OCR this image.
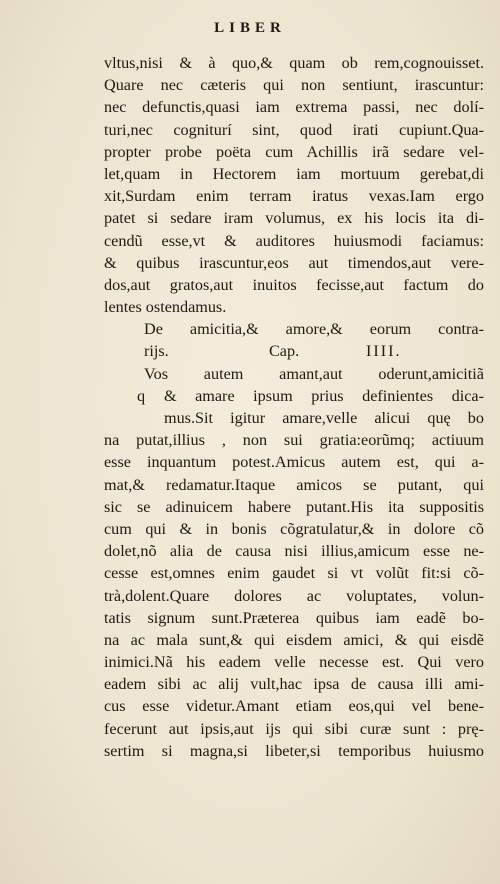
LIBER
vltus,nisi & à quo,& quam ob rem,cognouisset.
Quare nec cæteris qui non sentiunt, irascuntur:
nec defunctis,quasi iam extrema passi, nec dolí-
turi,nec cogniturí sint, quod irati cupiunt.Qua-
propter probe poëta cum Achillis irã sedare vel-
let,quam in Hectorem iam mortuum gerebat,di
xit,Surdam enim terram iratus vexas.Iam ergo
patet si sedare iram volumus, ex his locis ita di-
cendũ esse,vt & auditores huiusmodi faciamus:
& quibus irascuntur,eos aut timendos,aut vere-
dos,aut gratos,aut inuitos fecisse,aut factum do
lentes ostendamus.
De amicitia,& amore,& eorum contra-
rijs.	Cap.	IIII.
Vos autem amant,aut oderunt,amicitiã
q	& amare ipsum prius definientes dica-
mus.Sit igitur amare,velle alicui quę bo
na putat,illius , non sui gratia:eorũmq; actiuum
esse inquantum potest.Amicus autem est, qui a-
mat,& redamatur.Itaque amicos se putant, qui
sic se adinuicem habere putant.His ita suppositis
cum qui & in bonis cõgratulatur,& in dolore cõ
dolet,nõ alia de causa nisi illius,amicum esse ne-
cesse est,omnes enim gaudet si vt volũt fit:si cõ-
trà,dolent.Quare dolores ac voluptates, volun-
tatis signum sunt.Præterea quibus iam eadẽ bo-
na ac mala sunt,& qui eisdem amici, & qui eisdẽ
inimici.Nã his eadem velle necesse est. Qui vero
eadem sibi ac alij vult,hac ipsa de causa illi ami-
cus esse videtur.Amant etiam eos,qui vel bene-
fecerunt aut ipsis,aut ijs qui sibi curæ sunt : prę-
sertim si magna,si libeter,si temporibus huiusmo
